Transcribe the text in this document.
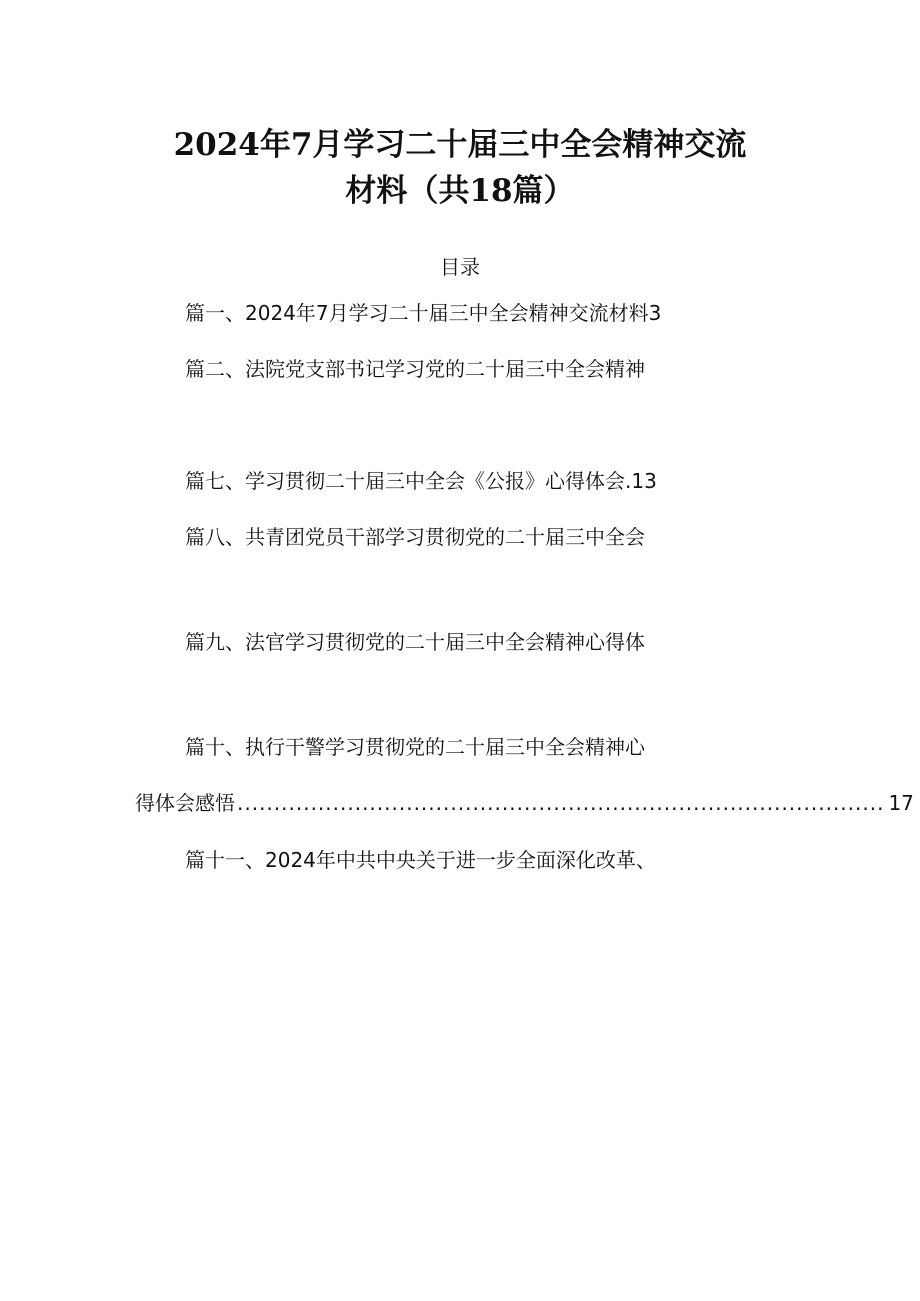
2024年7月学习二十届三中全会精神交流
材料（共18篇）
目录
篇一、2024年7月学习二十届三中全会精神交流材料3
篇二、法院党支部书记学习党的二十届三中全会精神
篇七、学习贯彻二十届三中全会《公报》心得体会.13
篇八、共青团党员干部学习贯彻党的二十届三中全会
篇九、法官学习贯彻党的二十届三中全会精神心得体
篇十、执行干警学习贯彻党的二十届三中全会精神心
得体会感悟 ........................................................................................ 17
篇十一、2024年中共中央关于进一步全面深化改革、
